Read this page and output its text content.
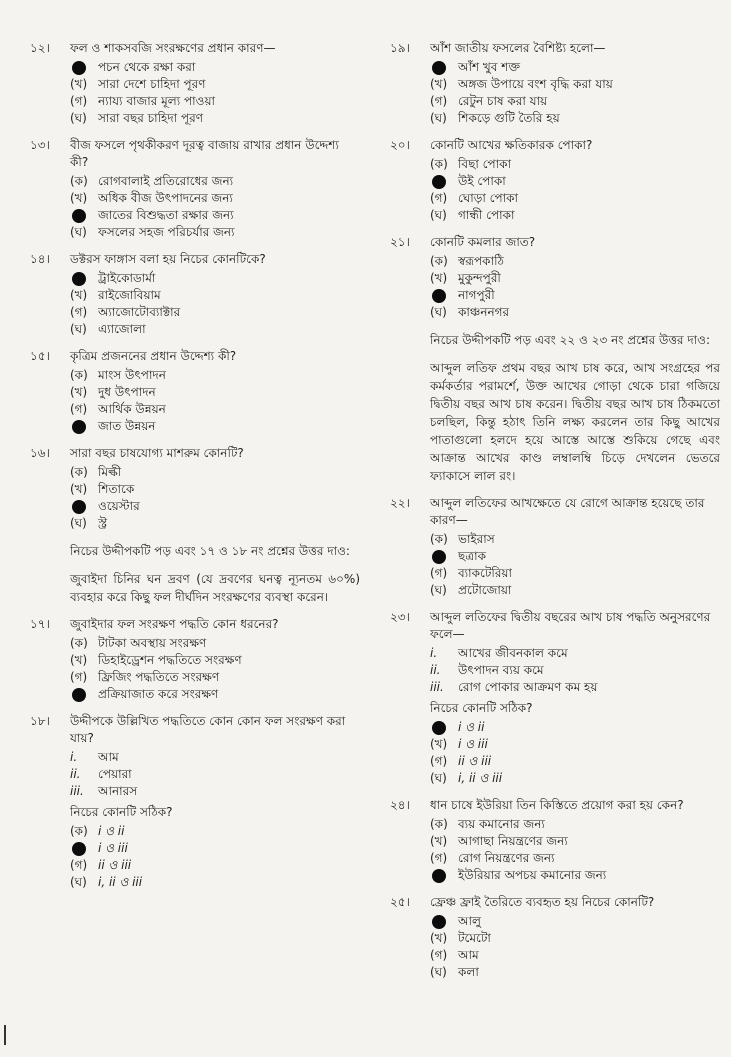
১২।	ফল ও শাকসবজি সংরক্ষণের প্রধান কারণ—
পচন থেকে রক্ষা করা
(খ) সারা দেশে চাহিদা পূরণ
(গ) ন্যায্য বাজার মূল্য পাওয়া
(ঘ) সারা বছর চাহিদা পূরণ
১৩।	বীজ ফসলে পৃথকীকরণ দূরত্ব বাজায় রাখার প্রধান উদ্দেশ্য কী?
(ক) রোগবালাই প্রতিরোধের জন্য
(খ) অধিক বীজ উৎপাদনের জন্য
জাতের বিশুদ্ধতা রক্ষার জন্য
(ঘ) ফসলের সহজ পরিচর্যার জন্য
১৪।	ডক্টরস ফাঙ্গাস বলা হয় নিচের কোনটিকে?
ট্রাইকোডার্মা
(খ) রাইজোবিয়াম
(গ) অ্যাজোটোব্যাক্টার
(ঘ) এ্যাজোলা
১৫।	কৃত্রিম প্রজননের প্রধান উদ্দেশ্য কী?
(ক) মাংস উৎপাদন
(খ) দুধ উৎপাদন
(গ) আর্থিক উন্নয়ন
জাত উন্নয়ন
১৬।	সারা বছর চাষযোগ্য মাশরুম কোনটি?
(ক) মিল্কী
(খ) শিতাকে
ওয়েস্টার
(ঘ) স্ট্র
নিচের উদ্দীপকটি পড় এবং ১৭ ও ১৮ নং প্রশ্নের উত্তর দাও:
জুবাইদা চিনির ঘন দ্রবণ (যে দ্রবণের ঘনত্ব ন্যূনতম ৬০%) ব্যবহার করে কিছু ফল দীর্ঘদিন সংরক্ষণের ব্যবস্থা করেন।
১৭।	জুবাইদার ফল সংরক্ষণ পদ্ধতি কোন ধরনের?
(ক) টাটকা অবস্থায় সংরক্ষণ
(খ) ডিহাইড্রেশন পদ্ধতিতে সংরক্ষণ
(গ) ফ্রিজিং পদ্ধতিতে সংরক্ষণ
প্রক্রিয়াজাত করে সংরক্ষণ
১৮।	উদ্দীপকে উল্লিখিত পদ্ধতিতে কোন কোন ফল সংরক্ষণ করা যায়?
i.	আম
ii.	পেয়ারা
iii.	আনারস
নিচের কোনটি সঠিক?
(ক) i ও ii
i ও iii
(গ) ii ও iii
(ঘ) i, ii ও iii
১৯।	আঁশ জাতীয় ফসলের বৈশিষ্ট্য হলো—
আঁশ খুব শক্ত
(খ) অঙ্গজ উপায়ে বংশ বৃদ্ধি করা যায়
(গ) রেটুন চাষ করা যায়
(ঘ) শিকড়ে গুটি তৈরি হয়
২০।	কোনটি আখের ক্ষতিকারক পোকা?
(ক) বিছা পোকা
উই পোকা
(গ) ঘোড়া পোকা
(ঘ) গান্ধী পোকা
২১।	কোনটি কমলার জাত?
(ক) স্বরূপকাঠি
(খ) মুকুন্দপুরী
নাগপুরী
(ঘ) কাঞ্চননগর
নিচের উদ্দীপকটি পড় এবং ২২ ও ২৩ নং প্রশ্নের উত্তর দাও:
আব্দুল লতিফ প্রথম বছর আখ চাষ করে, আখ সংগ্রহের পর কর্মকর্তার পরামর্শে, উক্ত আখের গোড়া থেকে চারা গজিয়ে দ্বিতীয় বছর আখ চাষ করেন। দ্বিতীয় বছর আখ চাষ ঠিকমতো চলছিল, কিন্তু হঠাৎ তিনি লক্ষ্য করলেন তার কিছু আখের পাতাগুলো হলদে হয়ে আস্তে আস্তে শুকিয়ে গেছে এবং আক্রান্ত আখের কাণ্ড লম্বালম্বি চিড়ে দেখলেন ভেতরে ফ্যাকাসে লাল রং।
২২।	আব্দুল লতিফের আখক্ষেতে যে রোগে আক্রান্ত হয়েছে তার কারণ—
(ক) ভাইরাস
ছত্রাক
(গ) ব্যাকটেরিয়া
(ঘ) প্রটোজোয়া
২৩।	আব্দুল লতিফের দ্বিতীয় বছরের আখ চাষ পদ্ধতি অনুসরণের ফলে—
i.	আখের জীবনকাল কমে
ii.	উৎপাদন ব্যয় কমে
iii.	রোগ পোকার আক্রমণ কম হয়
নিচের কোনটি সঠিক?
i ও ii
(খ) i ও iii
(গ) ii ও iii
(ঘ) i, ii ও iii
২৪।	ধান চাষে ইউরিয়া তিন কিস্তিতে প্রয়োগ করা হয় কেন?
(ক) ব্যয় কমানোর জন্য
(খ) আগাছা নিয়ন্ত্রণের জন্য
(গ) রোগ নিয়ন্ত্রণের জন্য
ইউরিয়ার অপচয় কমানোর জন্য
২৫।	ফ্রেঞ্চ ফ্রাই তৈরিতে ব্যবহৃত হয় নিচের কোনটি?
আলু
(খ) টমেটো
(গ) আম
(ঘ) কলা
